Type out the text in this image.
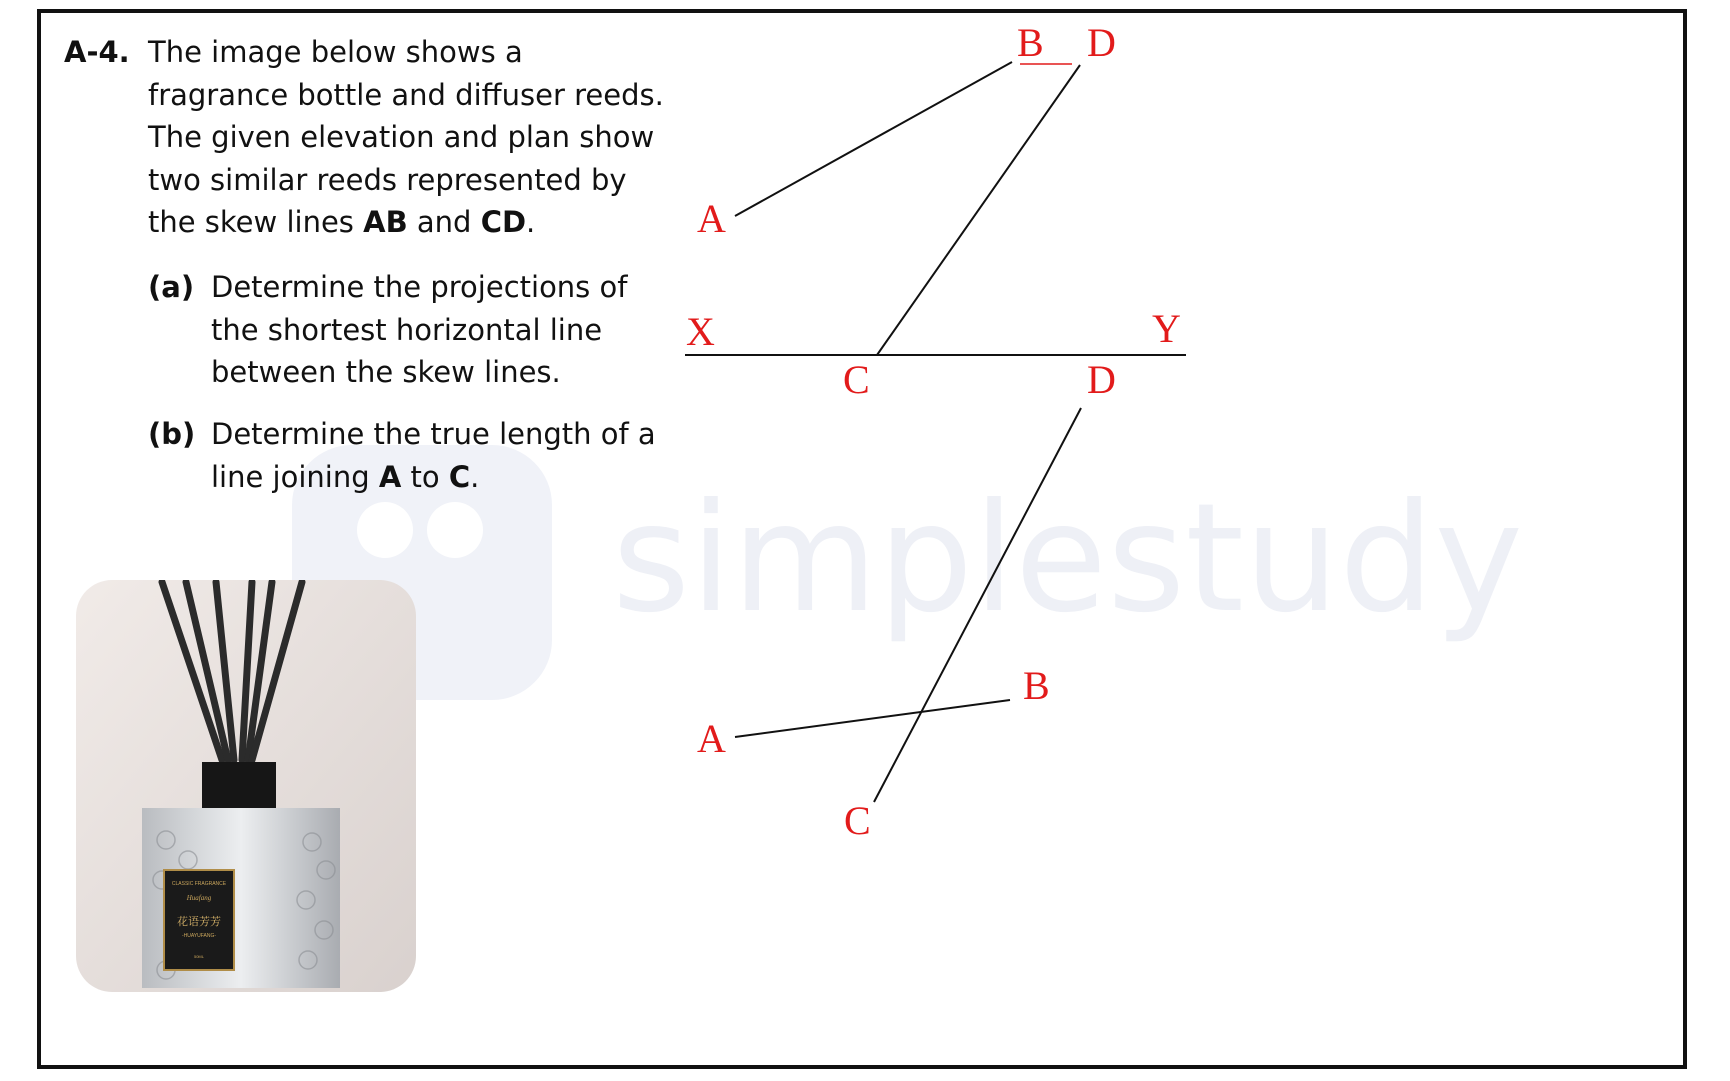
simplestudy
A-4. The image below shows a fragrance bottle and diffuser reeds.
The given elevation and plan show two similar reeds represented by the skew lines AB and CD.
(a) Determine the projections of the shortest horizontal line between the skew lines.
(b) Determine the true length of a line joining A to C.
CLASSIC FRAGRANCE
Huafang
花语芳芳
-HUAYUFANG-
50ML
A
B D
X	Y
C	D
A
B
C
